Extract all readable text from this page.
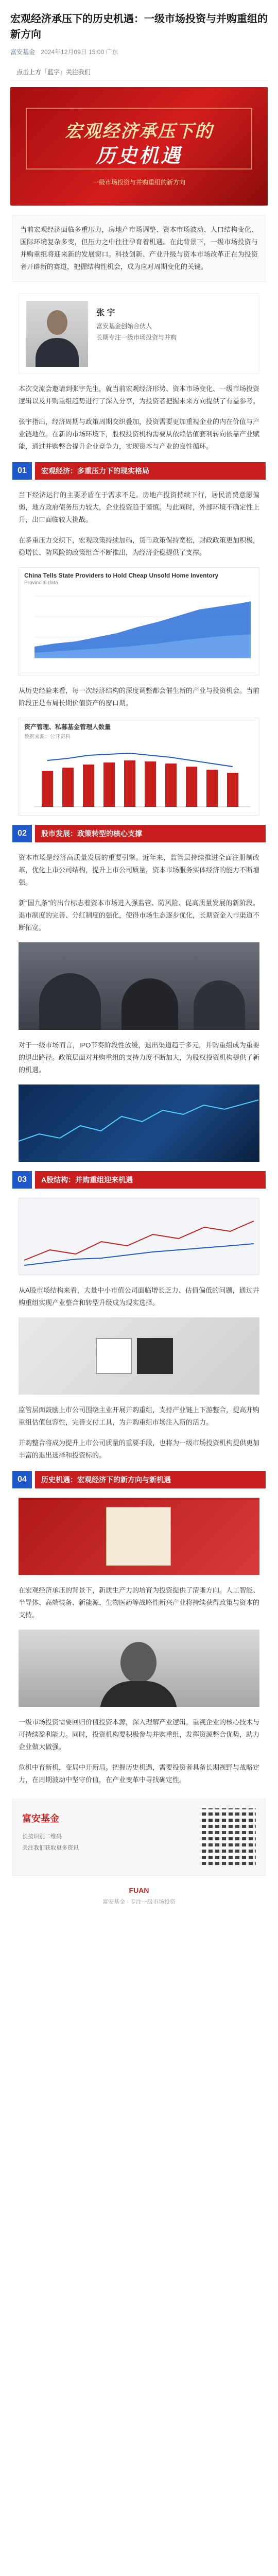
宏观经济承压下的历史机遇：一级市场投资与并购重组的新方向
富安基金 2024年12月09日 15:00 广东
点击上方「蓝字」关注我们
宏观经济承压下的
历史机遇
一级市场投资与并购重组的新方向

当前宏观经济面临多重压力，房地产市场调整、资本市场波动、人口结构变化、国际环境复杂多变，但压力之中往往孕育着机遇。在此背景下，一级市场投资与并购重组将迎来新的发展窗口。科技创新、产业升级与资本市场改革正在为投资者开辟新的赛道，把握结构性机会，成为应对周期变化的关键。

张 宇
富安基金创始合伙人
长期专注一级市场投资与并购

本次交流会邀请到张宇先生，就当前宏观经济形势、资本市场变化、一级市场投资逻辑以及并购重组趋势进行了深入分享，为投资者把握未来方向提供了有益参考。

张宇指出，经济周期与政策周期交织叠加，投资需要更加重视企业的内在价值与产业链地位。在新的市场环境下，股权投资机构需要从依赖估值套利转向依靠产业赋能，通过并购整合提升企业竞争力，实现资本与产业的良性循环。

01	宏观经济：多重压力下的现实格局

当下经济运行的主要矛盾在于需求不足。房地产投资持续下行，居民消费意愿偏弱，地方政府债务压力较大，企业投资趋于谨慎。与此同时，外部环境不确定性上升，出口面临较大挑战。

在多重压力交织下，宏观政策持续加码，货币政策保持宽松，财政政策更加积极，稳增长、防风险的政策组合不断推出，为经济企稳提供了支撑。

China Tells State Providers to Hold Cheap Unsold Home Inventory
Provincial data

从历史经验来看，每一次经济结构的深度调整都会催生新的产业与投资机会。当前阶段正是布局长期价值资产的窗口期。

资产管理、私募基金管理人数量
数据来源：公开资料
02	股市发展：政策转型的核心支撑

资本市场是经济高质量发展的重要引擎。近年来，监管层持续推进全面注册制改革，优化上市公司结构，提升上市公司质量，资本市场服务实体经济的能力不断增强。

新“国九条”的出台标志着资本市场进入强监管、防风险、促高质量发展的新阶段。退市制度的完善、分红制度的强化，使得市场生态逐步优化，长期资金入市渠道不断拓宽。

对于一级市场而言，IPO节奏阶段性放缓，退出渠道趋于多元，并购重组成为重要的退出路径。政策层面对并购重组的支持力度不断加大，为股权投资机构提供了新的机遇。

03	A股结构：并购重组迎来机遇

从A股市场结构来看，大量中小市值公司面临增长乏力、估值偏低的问题，通过并购重组实现产业整合和转型升级成为现实选择。

监管层面鼓励上市公司围绕主业开展并购重组，支持产业链上下游整合，提高并购重组估值包容性，完善支付工具，为并购重组市场注入新的活力。

并购整合将成为提升上市公司质量的重要手段，也将为一级市场投资机构提供更加丰富的退出选择和投资标的。

04	历史机遇：宏观经济下的新方向与新机遇

在宏观经济承压的背景下，新质生产力的培育为投资提供了清晰方向。人工智能、半导体、高端装备、新能源、生物医药等战略性新兴产业将持续获得政策与资本的支持。

一级市场投资需要回归价值投资本源，深入理解产业逻辑，重视企业的核心技术与可持续盈利能力。同时，投资机构要积极参与并购重组，发挥资源整合优势，助力企业做大做强。

危机中育新机，变局中开新局。把握历史机遇，需要投资者具备长期视野与战略定力，在周期波动中坚守价值，在产业变革中寻找确定性。

富安基金
长按识别二维码
关注我们获取更多资讯
FUAN
富安基金 · 专注一级市场投资
